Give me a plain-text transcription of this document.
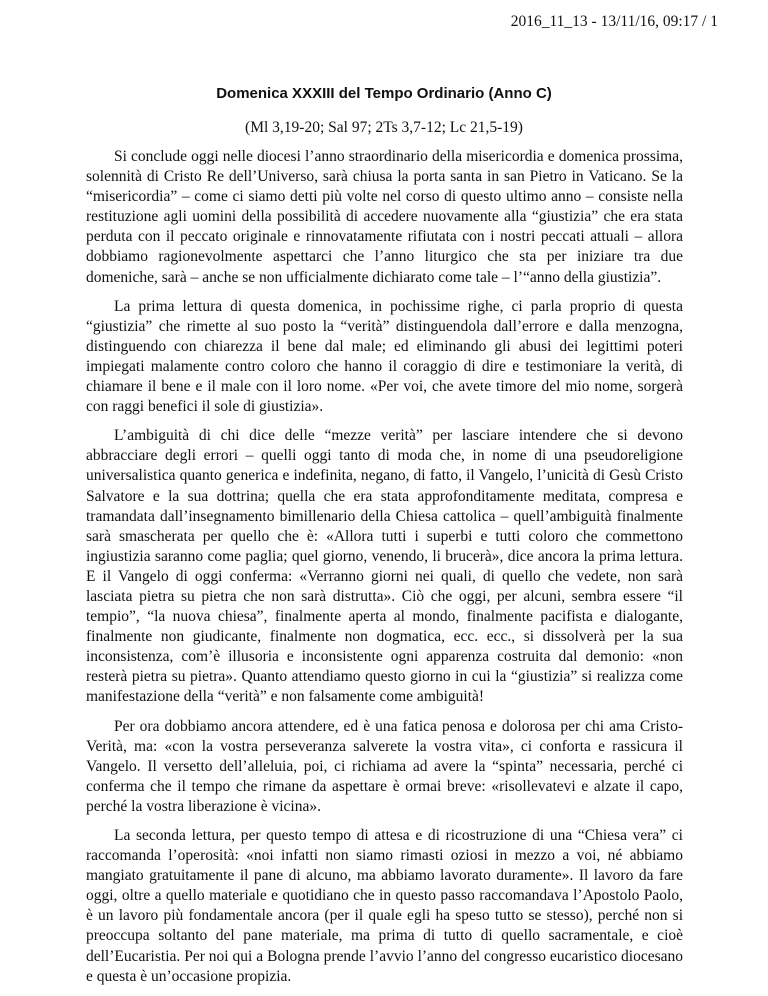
2016_11_13 - 13/11/16, 09:17 / 1
Domenica XXXIII del Tempo Ordinario (Anno C)
(Ml 3,19-20; Sal 97; 2Ts 3,7-12; Lc 21,5-19)

Si conclude oggi nelle diocesi l’anno straordinario della misericordia e domenica prossima, solennità di Cristo Re dell’Universo, sarà chiusa la porta santa in san Pietro in Vaticano. Se la “misericordia” – come ci siamo detti più volte nel corso di questo ultimo anno – consiste nella restituzione agli uomini della possibilità di accedere nuovamente alla “giustizia” che era stata perduta con il peccato originale e rinnovatamente rifiutata con i nostri peccati attuali – allora dobbiamo ragionevolmente aspettarci che l’anno liturgico che sta per iniziare tra due domeniche, sarà – anche se non ufficialmente dichiarato come tale – l’“anno della giustizia”.

La prima lettura di questa domenica, in pochissime righe, ci parla proprio di questa “giustizia” che rimette al suo posto la “verità” distinguendola dall’errore e dalla menzogna, distinguendo con chiarezza il bene dal male; ed eliminando gli abusi dei legittimi poteri impiegati malamente contro coloro che hanno il coraggio di dire e testimoniare la verità, di chiamare il bene e il male con il loro nome. «Per voi, che avete timore del mio nome, sorgerà con raggi benefici il sole di giustizia».

L’ambiguità di chi dice delle “mezze verità” per lasciare intendere che si devono abbracciare degli errori – quelli oggi tanto di moda che, in nome di una pseudoreligione universalistica quanto generica e indefinita, negano, di fatto, il Vangelo, l’unicità di Gesù Cristo Salvatore e la sua dottrina; quella che era stata approfonditamente meditata, compresa e tramandata dall’insegnamento bimillenario della Chiesa cattolica – quell’ambiguità finalmente sarà smascherata per quello che è: «Allora tutti i superbi e tutti coloro che commettono ingiustizia saranno come paglia; quel giorno, venendo, li brucerà», dice ancora la prima lettura. E il Vangelo di oggi conferma: «Verranno giorni nei quali, di quello che vedete, non sarà lasciata pietra su pietra che non sarà distrutta». Ciò che oggi, per alcuni, sembra essere “il tempio”, “la nuova chiesa”, finalmente aperta al mondo, finalmente pacifista e dialogante, finalmente non giudicante, finalmente non dogmatica, ecc. ecc., si dissolverà per la sua inconsistenza, com’è illusoria e inconsistente ogni apparenza costruita dal demonio: «non resterà pietra su pietra». Quanto attendiamo questo giorno in cui la “giustizia” si realizza come manifestazione della “verità” e non falsamente come ambiguità!

Per ora dobbiamo ancora attendere, ed è una fatica penosa e dolorosa per chi ama Cristo-Verità, ma: «con la vostra perseveranza salverete la vostra vita», ci conforta e rassicura il Vangelo. Il versetto dell’alleluia, poi, ci richiama ad avere la “spinta” necessaria, perché ci conferma che il tempo che rimane da aspettare è ormai breve: «risollevatevi e alzate il capo, perché la vostra liberazione è vicina».

La seconda lettura, per questo tempo di attesa e di ricostruzione di una “Chiesa vera” ci raccomanda l’operosità: «noi infatti non siamo rimasti oziosi in mezzo a voi, né abbiamo mangiato gratuitamente il pane di alcuno, ma abbiamo lavorato duramente». Il lavoro da fare oggi, oltre a quello materiale e quotidiano che in questo passo raccomandava l’Apostolo Paolo, è un lavoro più fondamentale ancora (per il quale egli ha speso tutto se stesso), perché non si preoccupa soltanto del pane materiale, ma prima di tutto di quello sacramentale, e cioè dell’Eucaristia. Per noi qui a Bologna prende l’avvio l’anno del congresso eucaristico diocesano e questa è un’occasione propizia.
